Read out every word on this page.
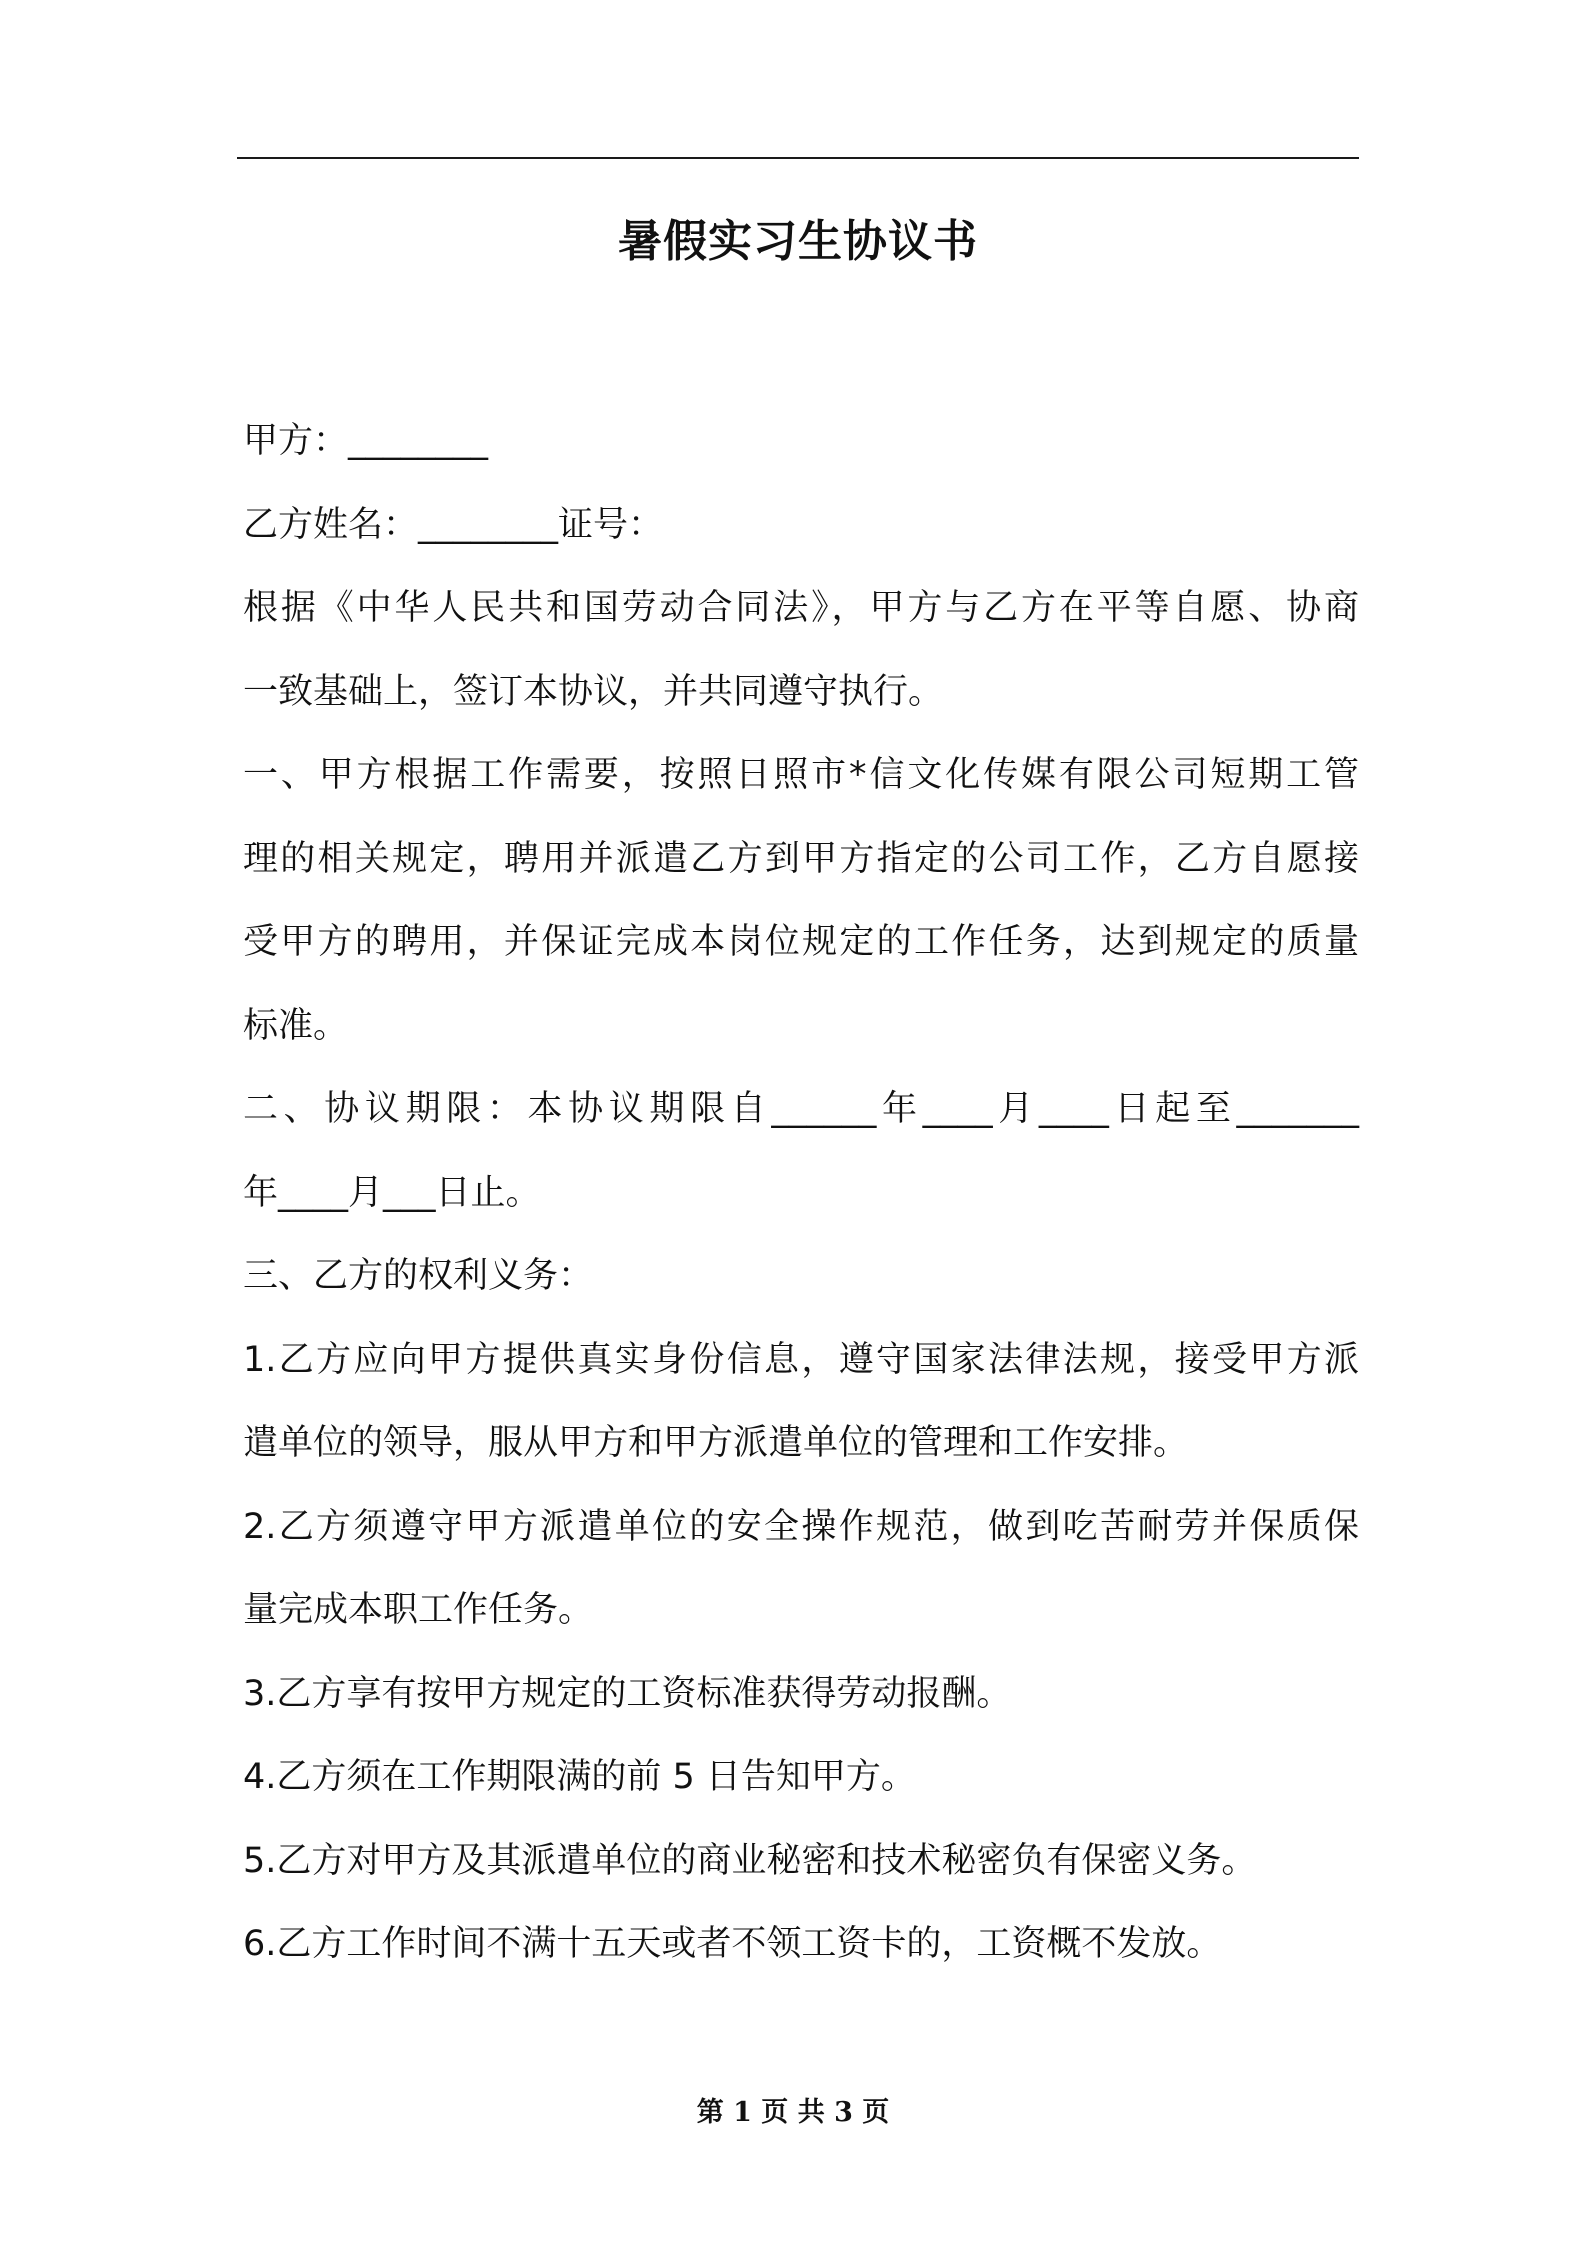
暑假实习生协议书
甲方：________
乙方姓名：________证号：
根据《中华人民共和国劳动合同法》，甲方与乙方在平等自愿、协商
一致基础上，签订本协议，并共同遵守执行。
一、甲方根据工作需要，按照日照市*信文化传媒有限公司短期工管
理的相关规定，聘用并派遣乙方到甲方指定的公司工作，乙方自愿接
受甲方的聘用，并保证完成本岗位规定的工作任务，达到规定的质量
标准。
二、协议期限：本协议期限自______年____月____日起至_______
年____月___日止。
三、乙方的权利义务：
1.乙方应向甲方提供真实身份信息，遵守国家法律法规，接受甲方派
遣单位的领导，服从甲方和甲方派遣单位的管理和工作安排。
2.乙方须遵守甲方派遣单位的安全操作规范，做到吃苦耐劳并保质保
量完成本职工作任务。
3.乙方享有按甲方规定的工资标准获得劳动报酬。
4.乙方须在工作期限满的前 5 日告知甲方。
5.乙方对甲方及其派遣单位的商业秘密和技术秘密负有保密义务。
6.乙方工作时间不满十五天或者不领工资卡的，工资概不发放。
第 1 页 共 3 页
